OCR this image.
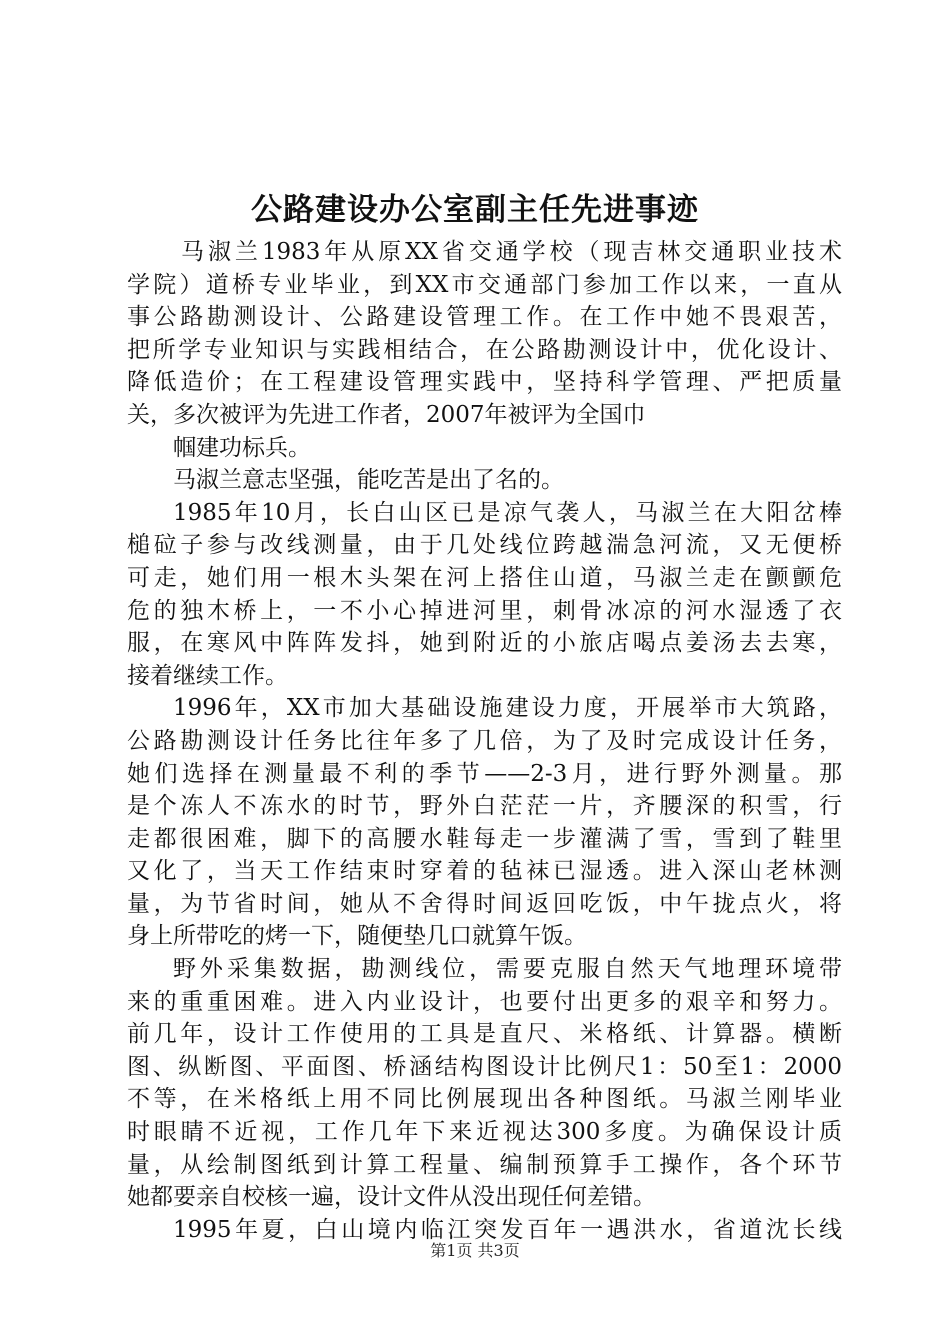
公路建设办公室副主任先进事迹
马淑兰1983年从原XX省交通学校（现吉林交通职业技术
学院）道桥专业毕业，到XX市交通部门参加工作以来，一直从
事公路勘测设计、公路建设管理工作。在工作中她不畏艰苦，
把所学专业知识与实践相结合，在公路勘测设计中，优化设计、
降低造价；在工程建设管理实践中，坚持科学管理、严把质量
关，多次被评为先进工作者，2007年被评为全国巾
帼建功标兵。
马淑兰意志坚强，能吃苦是出了名的。
1985年10月，长白山区已是凉气袭人，马淑兰在大阳岔棒
槌砬子参与改线测量，由于几处线位跨越湍急河流，又无便桥
可走，她们用一根木头架在河上搭住山道，马淑兰走在颤颤危
危的独木桥上，一不小心掉进河里，刺骨冰凉的河水湿透了衣
服，在寒风中阵阵发抖，她到附近的小旅店喝点姜汤去去寒，
接着继续工作。
1996年，XX市加大基础设施建设力度，开展举市大筑路，
公路勘测设计任务比往年多了几倍，为了及时完成设计任务，
她们选择在测量最不利的季节——2-3月，进行野外测量。那
是个冻人不冻水的时节，野外白茫茫一片，齐腰深的积雪，行
走都很困难，脚下的高腰水鞋每走一步灌满了雪，雪到了鞋里
又化了，当天工作结束时穿着的毡袜已湿透。进入深山老林测
量，为节省时间，她从不舍得时间返回吃饭，中午拢点火，将
身上所带吃的烤一下，随便垫几口就算午饭。
野外采集数据，勘测线位，需要克服自然天气地理环境带
来的重重困难。进入内业设计，也要付出更多的艰辛和努力。
前几年，设计工作使用的工具是直尺、米格纸、计算器。横断
图、纵断图、平面图、桥涵结构图设计比例尺1：50至1：2000
不等，在米格纸上用不同比例展现出各种图纸。马淑兰刚毕业
时眼睛不近视，工作几年下来近视达300多度。为确保设计质
量，从绘制图纸到计算工程量、编制预算手工操作，各个环节
她都要亲自校核一遍，设计文件从没出现任何差错。
1995年夏，白山境内临江突发百年一遇洪水，省道沈长线
第1页 共3页
